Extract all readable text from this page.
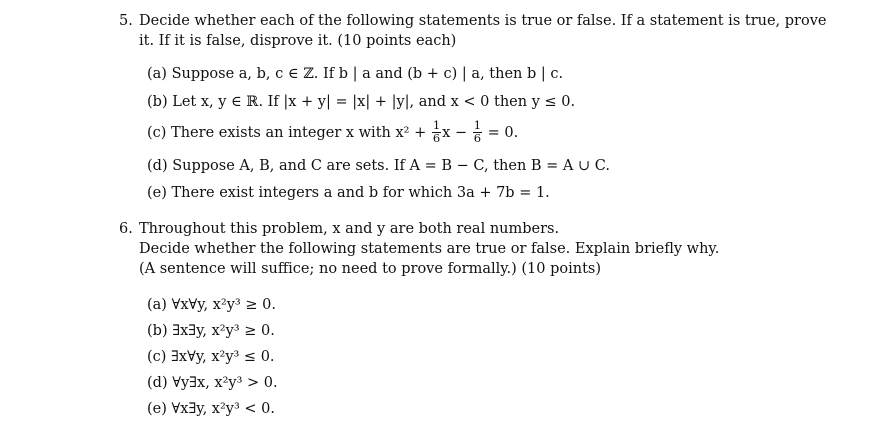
5. Decide whether each of the following statements is true or false. If a statement is true, prove
it. If it is false, disprove it. (10 points each)
(a) Suppose a, b, c ∈ ℤ. If b | a and (b + c) | a, then b | c.
(b) Let x, y ∈ ℝ. If |x + y| = |x| + |y|, and x < 0 then y ≤ 0.
(c) There exists an integer x with $x^2 + \frac{1}{6}$ $x - \frac{1}{6} = 0$.
(d) Suppose A, B, and C are sets. If A = B − C, then B = A ∪ C.
(e) There exist integers a and b for which 3a + 7b = 1.
6. Throughout this problem, x and y are both real numbers.
Decide whether the following statements are true or false. Explain briefly why.
(A sentence will suffice; no need to prove formally.) (10 points)
(a) ∀x∀y, x²y³ ≥ 0.
(b) ∃x∃y, x²y³ ≥ 0.
(c) ∃x∀y, x²y³ ≤ 0.
(d) ∀y∃x, x²y³ > 0.
(e) ∀x∃y, x²y³ < 0.
